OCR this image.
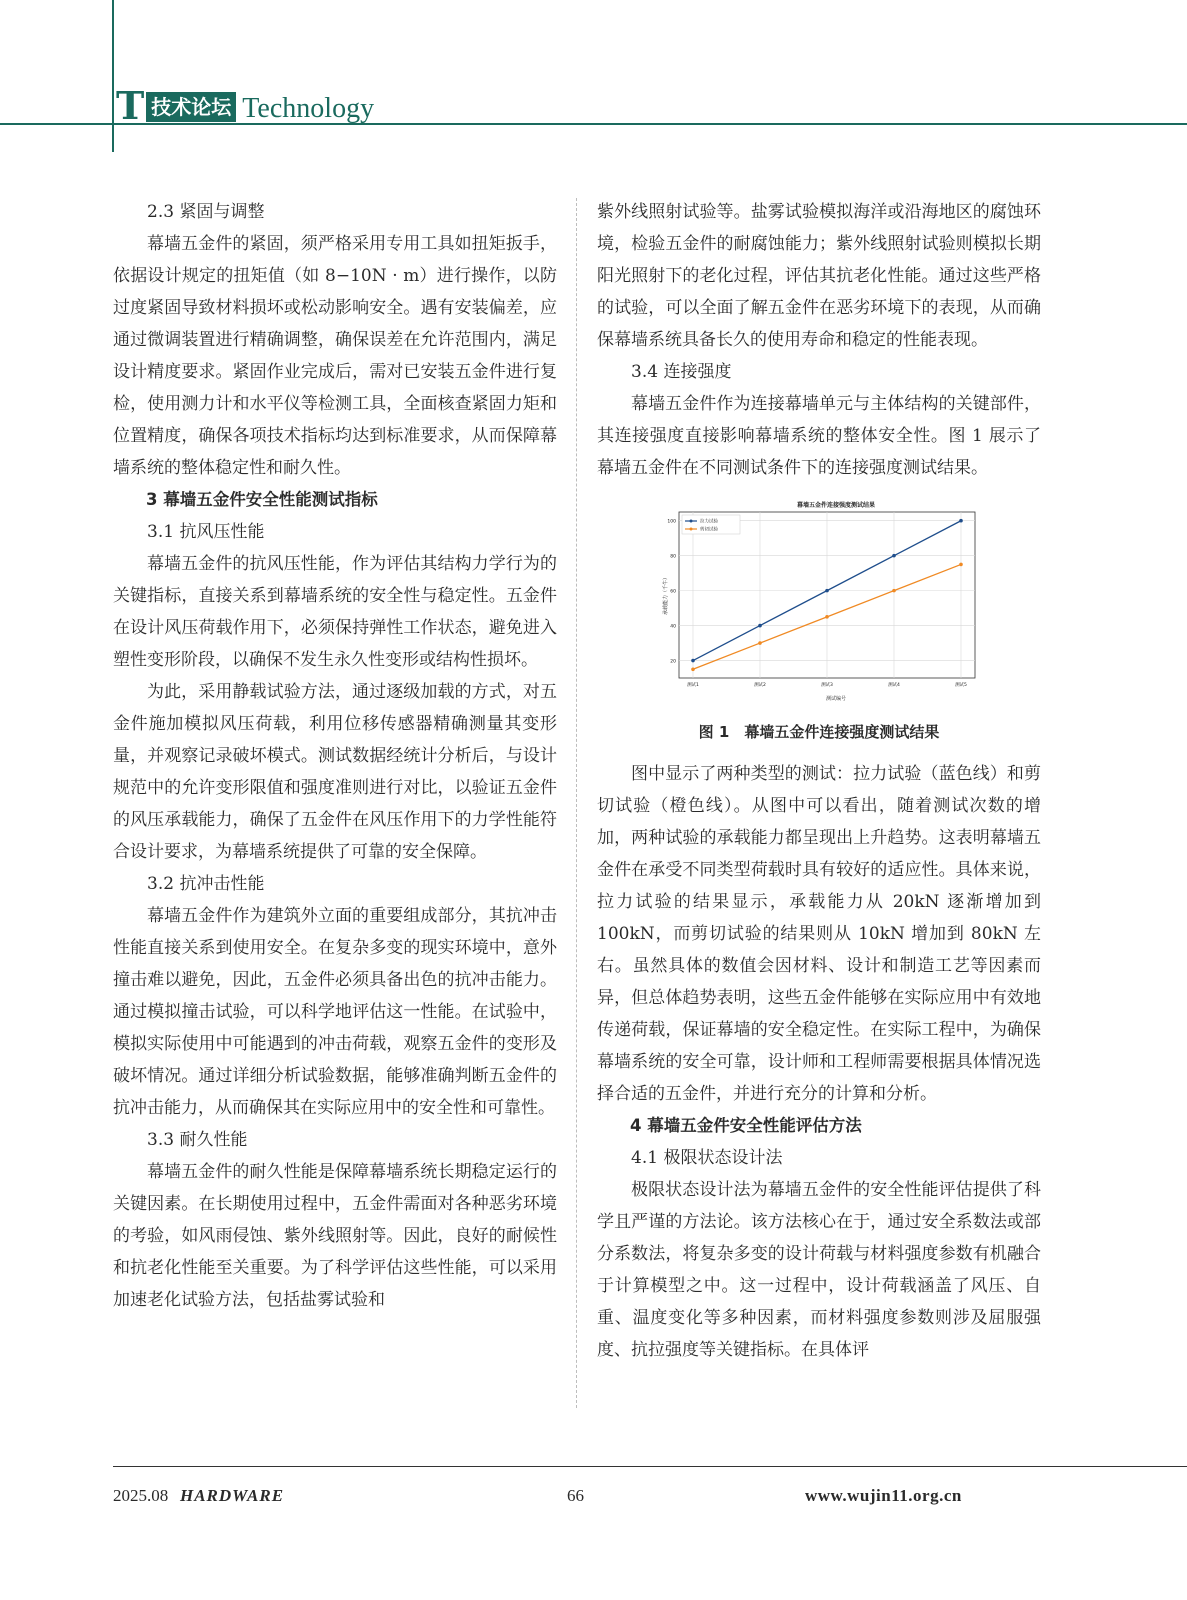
T 技术论坛 Technology
2.3 紧固与调整

幕墙五金件的紧固，须严格采用专用工具如扭矩扳手，依据设计规定的扭矩值（如 8−10N · m）进行操作，以防过度紧固导致材料损坏或松动影响安全。遇有安装偏差，应通过微调装置进行精确调整，确保误差在允许范围内，满足设计精度要求。紧固作业完成后，需对已安装五金件进行复检，使用测力计和水平仪等检测工具，全面核查紧固力矩和位置精度，确保各项技术指标均达到标准要求，从而保障幕墙系统的整体稳定性和耐久性。

3 幕墙五金件安全性能测试指标
3.1 抗风压性能

幕墙五金件的抗风压性能，作为评估其结构力学行为的关键指标，直接关系到幕墙系统的安全性与稳定性。五金件在设计风压荷载作用下，必须保持弹性工作状态，避免进入塑性变形阶段，以确保不发生永久性变形或结构性损坏。

为此，采用静载试验方法，通过逐级加载的方式，对五金件施加模拟风压荷载，利用位移传感器精确测量其变形量，并观察记录破坏模式。测试数据经统计分析后，与设计规范中的允许变形限值和强度准则进行对比，以验证五金件的风压承载能力，确保了五金件在风压作用下的力学性能符合设计要求，为幕墙系统提供了可靠的安全保障。

3.2 抗冲击性能

幕墙五金件作为建筑外立面的重要组成部分，其抗冲击性能直接关系到使用安全。在复杂多变的现实环境中，意外撞击难以避免，因此，五金件必须具备出色的抗冲击能力。通过模拟撞击试验，可以科学地评估这一性能。在试验中，模拟实际使用中可能遇到的冲击荷载，观察五金件的变形及破坏情况。通过详细分析试验数据，能够准确判断五金件的抗冲击能力，从而确保其在实际应用中的安全性和可靠性。

3.3 耐久性能

幕墙五金件的耐久性能是保障幕墙系统长期稳定运行的关键因素。在长期使用过程中，五金件需面对各种恶劣环境的考验，如风雨侵蚀、紫外线照射等。因此，良好的耐候性和抗老化性能至关重要。为了科学评估这些性能，可以采用加速老化试验方法，包括盐雾试验和

紫外线照射试验等。盐雾试验模拟海洋或沿海地区的腐蚀环境，检验五金件的耐腐蚀能力；紫外线照射试验则模拟长期阳光照射下的老化过程，评估其抗老化性能。通过这些严格的试验，可以全面了解五金件在恶劣环境下的表现，从而确保幕墙系统具备长久的使用寿命和稳定的性能表现。

3.4 连接强度

幕墙五金件作为连接幕墙单元与主体结构的关键部件，其连接强度直接影响幕墙系统的整体安全性。图 1 展示了幕墙五金件在不同测试条件下的连接强度测试结果。

幕墙五金件连接强度测试结果
20
40
60
80
100
测试1	测试2	测试3	测试4	测试5
测试编号
承载能力（千牛）
拉力试验
剪切试验
图 1　幕墙五金件连接强度测试结果

图中显示了两种类型的测试：拉力试验（蓝色线）和剪切试验（橙色线）。从图中可以看出，随着测试次数的增加，两种试验的承载能力都呈现出上升趋势。这表明幕墙五金件在承受不同类型荷载时具有较好的适应性。具体来说，拉力试验的结果显示，承载能力从 20kN 逐渐增加到 100kN，而剪切试验的结果则从 10kN 增加到 80kN 左右。虽然具体的数值会因材料、设计和制造工艺等因素而异，但总体趋势表明，这些五金件能够在实际应用中有效地传递荷载，保证幕墙的安全稳定性。在实际工程中，为确保幕墙系统的安全可靠，设计师和工程师需要根据具体情况选择合适的五金件，并进行充分的计算和分析。

4 幕墙五金件安全性能评估方法
4.1 极限状态设计法

极限状态设计法为幕墙五金件的安全性能评估提供了科学且严谨的方法论。该方法核心在于，通过安全系数法或部分系数法，将复杂多变的设计荷载与材料强度参数有机融合于计算模型之中。这一过程中，设计荷载涵盖了风压、自重、温度变化等多种因素，而材料强度参数则涉及屈服强度、抗拉强度等关键指标。在具体评

2025.08 HARDWARE	66	www.wujin11.org.cn
